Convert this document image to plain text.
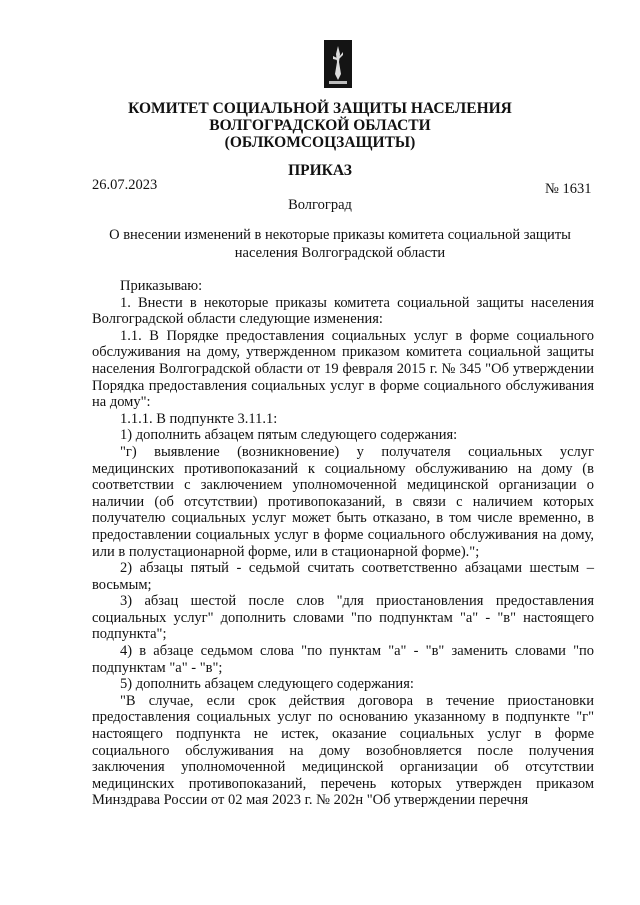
КОМИТЕТ СОЦИАЛЬНОЙ ЗАЩИТЫ НАСЕЛЕНИЯ
ВОЛГОГРАДСКОЙ ОБЛАСТИ
(ОБЛКОМСОЦЗАЩИТЫ)
ПРИКАЗ
26.07.2023	№ 1631
Волгоград
О внесении изменений в некоторые приказы комитета социальной защиты населения Волгоградской области

Приказываю:

1. Внести в некоторые приказы комитета социальной защиты населения Волгоградской области следующие изменения:

1.1. В Порядке предоставления социальных услуг в форме социального обслуживания на дому, утвержденном приказом комитета социальной защиты населения Волгоградской области от 19 февраля 2015 г. № 345 "Об утверждении Порядка предоставления социальных услуг в форме социального обслуживания на дому":

1.1.1. В подпункте 3.11.1:

1) дополнить абзацем пятым следующего содержания:

"г) выявление (возникновение) у получателя социальных услуг медицинских противопоказаний к социальному обслуживанию на дому (в соответствии с заключением уполномоченной медицинской организации о наличии (об отсутствии) противопоказаний, в связи с наличием которых получателю социальных услуг может быть отказано, в том числе временно, в предоставлении социальных услуг в форме социального обслуживания на дому, или в полустационарной форме, или в стационарной форме).";

2) абзацы пятый - седьмой считать соответственно абзацами шестым – восьмым;

3) абзац шестой после слов "для приостановления предоставления социальных услуг" дополнить словами "по подпунктам "а" - "в" настоящего подпункта";

4) в абзаце седьмом слова "по пунктам "а" - "в" заменить словами "по подпунктам "а" - "в";

5) дополнить абзацем следующего содержания:

"В случае, если срок действия договора в течение приостановки предоставления социальных услуг по основанию указанному в подпункте "г" настоящего подпункта не истек, оказание социальных услуг в форме социального обслуживания на дому возобновляется после получения заключения уполномоченной медицинской организации об отсутствии медицинских противопоказаний, перечень которых утвержден приказом Минздрава России от 02 мая 2023 г. № 202н "Об утверждении перечня
